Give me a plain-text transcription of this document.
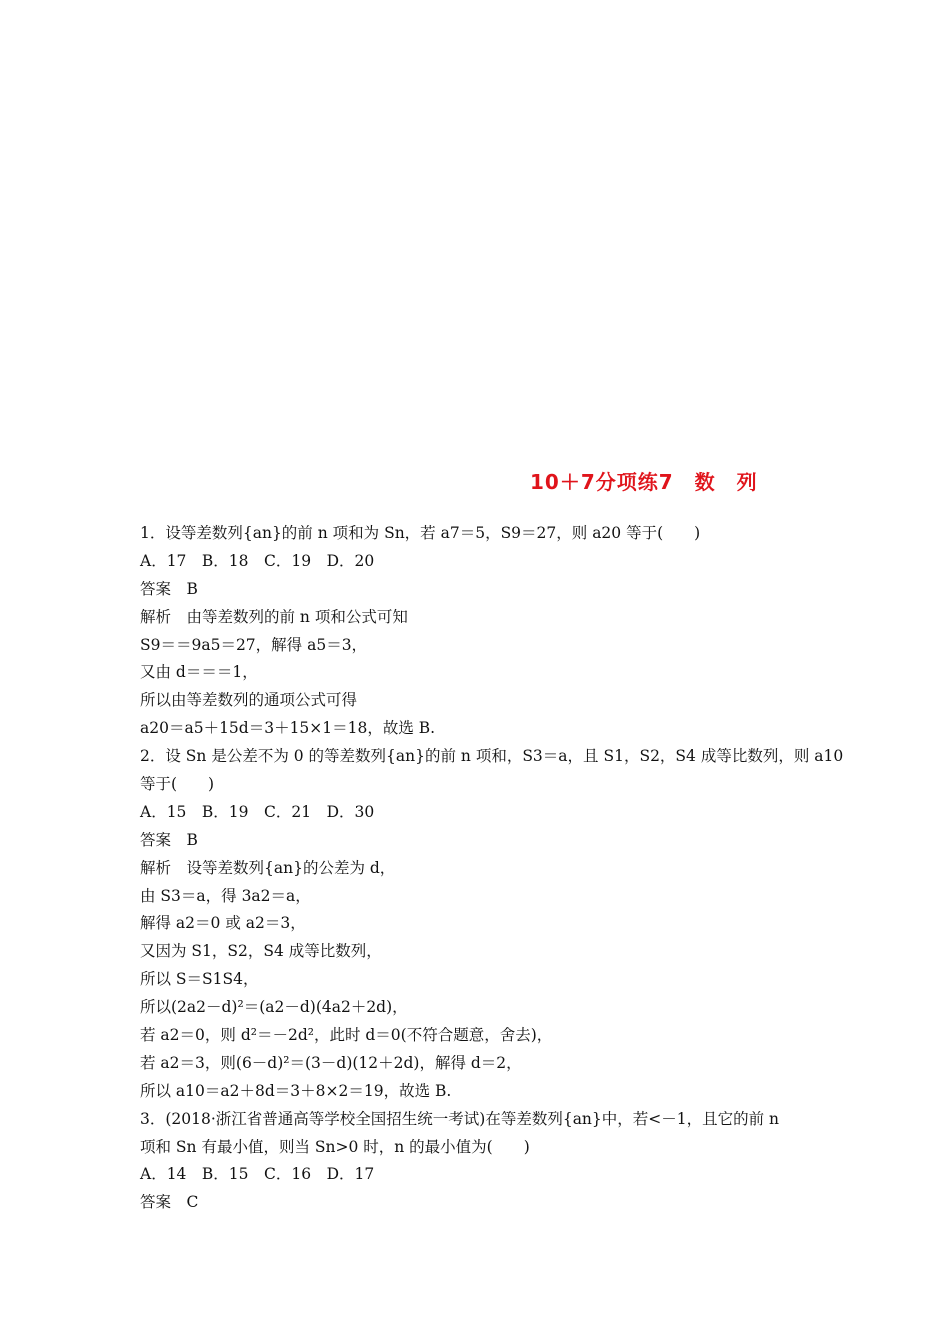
10＋7分项练7　数　列
1．设等差数列{an}的前 n 项和为 Sn，若 a7＝5，S9＝27，则 a20 等于(　　)
A．17　B．18　C．19　D．20
答案　B
解析　由等差数列的前 n 项和公式可知
S9＝＝9a5＝27，解得 a5＝3，
又由 d＝＝＝1，
所以由等差数列的通项公式可得
a20＝a5＋15d＝3＋15×1＝18，故选 B.
2．设 Sn 是公差不为 0 的等差数列{an}的前 n 项和，S3＝a，且 S1，S2，S4 成等比数列，则 a10
等于(　　)
A．15　B．19　C．21　D．30
答案　B
解析　设等差数列{an}的公差为 d，
由 S3＝a，得 3a2＝a，
解得 a2＝0 或 a2＝3，
又因为 S1，S2，S4 成等比数列，
所以 S＝S1S4，
所以(2a2－d)²＝(a2－d)(4a2＋2d)，
若 a2＝0，则 d²＝－2d²，此时 d＝0(不符合题意，舍去)，
若 a2＝3，则(6－d)²＝(3－d)(12＋2d)，解得 d＝2，
所以 a10＝a2＋8d＝3＋8×2＝19，故选 B.
3．(2018·浙江省普通高等学校全国招生统一考试)在等差数列{an}中，若<－1，且它的前 n
项和 Sn 有最小值，则当 Sn>0 时，n 的最小值为(　　)
A．14　B．15　C．16　D．17
答案　C
